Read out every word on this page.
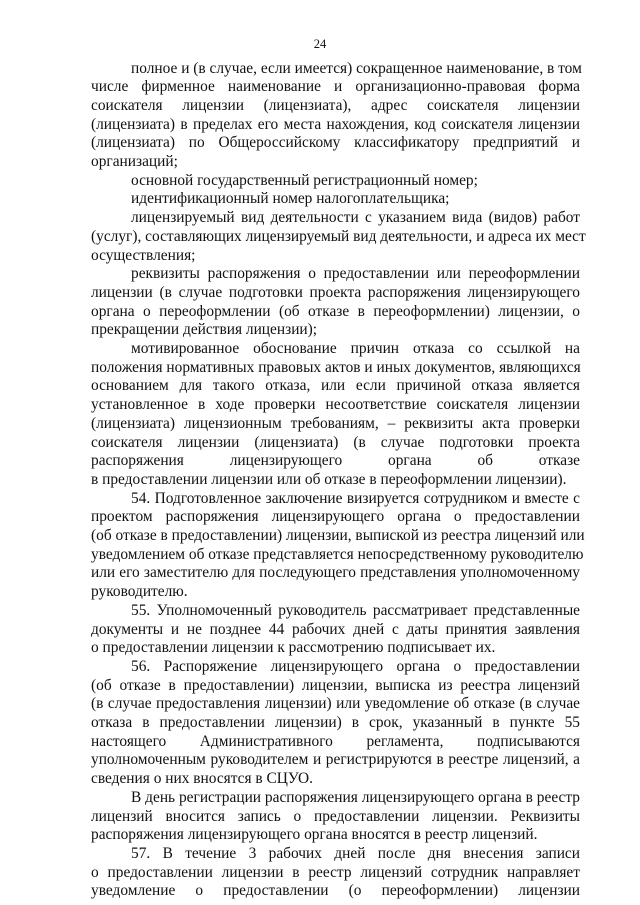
24
полное и (в случае, если имеется) сокращенное наименование, в том
числе фирменное наименование и организационно-правовая форма
соискателя лицензии (лицензиата), адрес соискателя лицензии
(лицензиата) в пределах его места нахождения, код соискателя лицензии
(лицензиата) по Общероссийскому классификатору предприятий и
организаций;
основной государственный регистрационный номер;
идентификационный номер налогоплательщика;
лицензируемый вид деятельности с указанием вида (видов) работ
(услуг), составляющих лицензируемый вид деятельности, и адреса их мест
осуществления;
реквизиты распоряжения о предоставлении или переоформлении
лицензии (в случае подготовки проекта распоряжения лицензирующего
органа о переоформлении (об отказе в переоформлении) лицензии, о
прекращении действия лицензии);
мотивированное обоснование причин отказа со ссылкой на
положения нормативных правовых актов и иных документов, являющихся
основанием для такого отказа, или если причиной отказа является
установленное в ходе проверки несоответствие соискателя лицензии
(лицензиата) лицензионным требованиям, – реквизиты акта проверки
соискателя лицензии (лицензиата) (в случае подготовки проекта
распоряжения лицензирующего органа об отказе
в предоставлении лицензии или об отказе в переоформлении лицензии).
54. Подготовленное заключение визируется сотрудником и вместе с
проектом распоряжения лицензирующего органа о предоставлении
(об отказе в предоставлении) лицензии, выпиской из реестра лицензий или
уведомлением об отказе представляется непосредственному руководителю
или его заместителю для последующего представления уполномоченному
руководителю.
55. Уполномоченный руководитель рассматривает представленные
документы и не позднее 44 рабочих дней с даты принятия заявления
о предоставлении лицензии к рассмотрению подписывает их.
56. Распоряжение лицензирующего органа о предоставлении
(об отказе в предоставлении) лицензии, выписка из реестра лицензий
(в случае предоставления лицензии) или уведомление об отказе (в случае
отказа в предоставлении лицензии) в срок, указанный в пункте 55
настоящего Административного регламента, подписываются
уполномоченным руководителем и регистрируются в реестре лицензий, а
сведения о них вносятся в СЦУО.
В день регистрации распоряжения лицензирующего органа в реестр
лицензий вносится запись о предоставлении лицензии. Реквизиты
распоряжения лицензирующего органа вносятся в реестр лицензий.
57. В течение 3 рабочих дней после дня внесения записи
о предоставлении лицензии в реестр лицензий сотрудник направляет
уведомление о предоставлении (о переоформлении) лицензии
